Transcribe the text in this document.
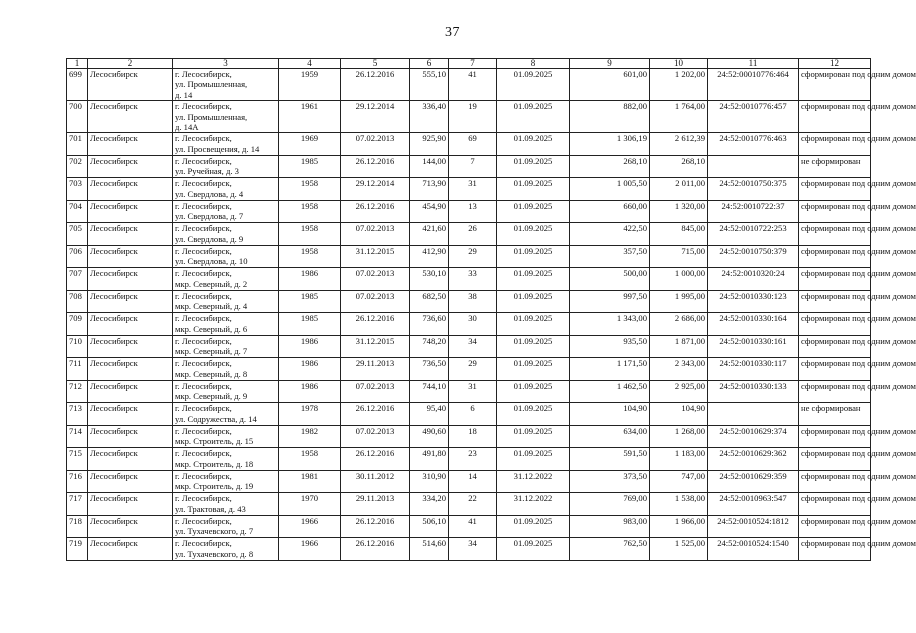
37
1	2	3	4	5	6	7	8	9	10	11	12
699	Лесосибирск	г. Лесосибирск,
ул. Промышленная,
д. 14	1959	26.12.2016	555,10	41	01.09.2025	601,00	1 202,00	24:52:00010776:464	сформирован под одним домом
700	Лесосибирск	г. Лесосибирск,
ул. Промышленная,
д. 14А	1961	29.12.2014	336,40	19	01.09.2025	882,00	1 764,00	24:52:0010776:457	сформирован под одним домом
701	Лесосибирск	г. Лесосибирск,
ул. Просвещения, д. 14	1969	07.02.2013	925,90	69	01.09.2025	1 306,19	2 612,39	24:52:0010776:463	сформирован под одним домом
702	Лесосибирск	г. Лесосибирск,
ул. Ручейная, д. 3	1985	26.12.2016	144,00	7	01.09.2025	268,10	268,10		не сформирован
703	Лесосибирск	г. Лесосибирск,
ул. Свердлова, д. 4	1958	29.12.2014	713,90	31	01.09.2025	1 005,50	2 011,00	24:52:0010750:375	сформирован под одним домом
704	Лесосибирск	г. Лесосибирск,
ул. Свердлова, д. 7	1958	26.12.2016	454,90	13	01.09.2025	660,00	1 320,00	24:52:0010722:37	сформирован под одним домом
705	Лесосибирск	г. Лесосибирск,
ул. Свердлова, д. 9	1958	07.02.2013	421,60	26	01.09.2025	422,50	845,00	24:52:0010722:253	сформирован под одним домом
706	Лесосибирск	г. Лесосибирск,
ул. Свердлова, д. 10	1958	31.12.2015	412,90	29	01.09.2025	357,50	715,00	24:52:0010750:379	сформирован под одним домом
707	Лесосибирск	г. Лесосибирск,
мкр. Северный, д. 2	1986	07.02.2013	530,10	33	01.09.2025	500,00	1 000,00	24:52:0010320:24	сформирован под одним домом
708	Лесосибирск	г. Лесосибирск,
мкр. Северный, д. 4	1985	07.02.2013	682,50	38	01.09.2025	997,50	1 995,00	24:52:0010330:123	сформирован под одним домом
709	Лесосибирск	г. Лесосибирск,
мкр. Северный, д. 6	1985	26.12.2016	736,60	30	01.09.2025	1 343,00	2 686,00	24:52:0010330:164	сформирован под одним домом
710	Лесосибирск	г. Лесосибирск,
мкр. Северный, д. 7	1986	31.12.2015	748,20	34	01.09.2025	935,50	1 871,00	24:52:0010330:161	сформирован под одним домом
711	Лесосибирск	г. Лесосибирск,
мкр. Северный, д. 8	1986	29.11.2013	736,50	29	01.09.2025	1 171,50	2 343,00	24:52:0010330:117	сформирован под одним домом
712	Лесосибирск	г. Лесосибирск,
мкр. Северный, д. 9	1986	07.02.2013	744,10	31	01.09.2025	1 462,50	2 925,00	24:52:0010330:133	сформирован под одним домом
713	Лесосибирск	г. Лесосибирск,
ул. Содружества, д. 14	1978	26.12.2016	95,40	6	01.09.2025	104,90	104,90		не сформирован
714	Лесосибирск	г. Лесосибирск,
мкр. Строитель, д. 15	1982	07.02.2013	490,60	18	01.09.2025	634,00	1 268,00	24:52:0010629:374	сформирован под одним домом
715	Лесосибирск	г. Лесосибирск,
мкр. Строитель, д. 18	1958	26.12.2016	491,80	23	01.09.2025	591,50	1 183,00	24:52:0010629:362	сформирован под одним домом
716	Лесосибирск	г. Лесосибирск,
мкр. Строитель, д. 19	1981	30.11.2012	310,90	14	31.12.2022	373,50	747,00	24:52:0010629:359	сформирован под одним домом
717	Лесосибирск	г. Лесосибирск,
ул. Трактовая, д. 43	1970	29.11.2013	334,20	22	31.12.2022	769,00	1 538,00	24:52:0010963:547	сформирован под одним домом
718	Лесосибирск	г. Лесосибирск,
ул. Тухачевского, д. 7	1966	26.12.2016	506,10	41	01.09.2025	983,00	1 966,00	24:52:0010524:1812	сформирован под одним домом
719	Лесосибирск	г. Лесосибирск,
ул. Тухачевского, д. 8	1966	26.12.2016	514,60	34	01.09.2025	762,50	1 525,00	24:52:0010524:1540	сформирован под одним домом
